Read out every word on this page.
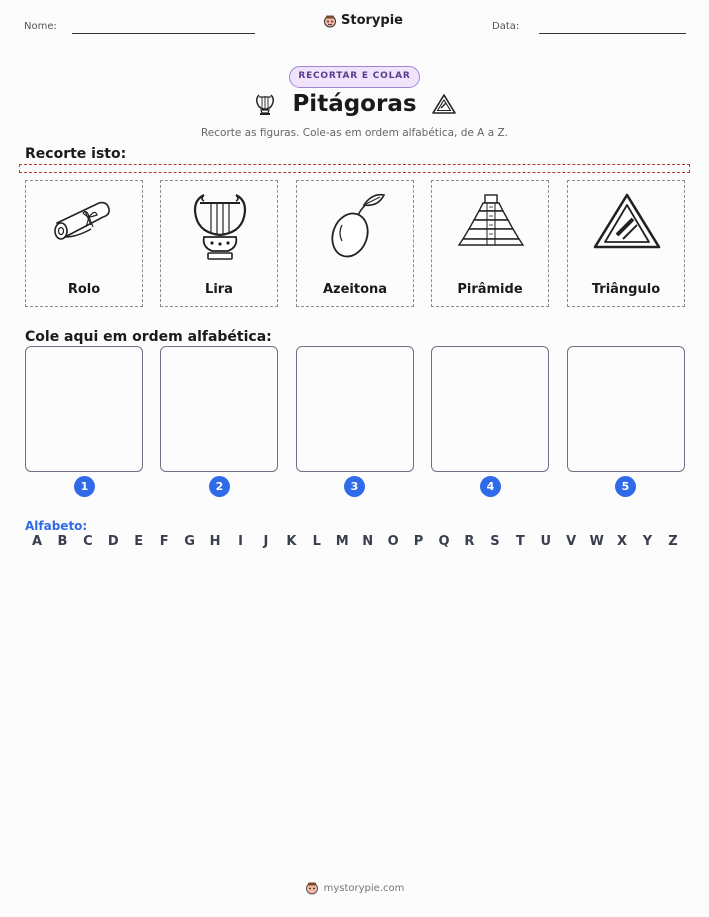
Nome:	Storypie	Data:
RECORTAR E COLAR
Pitágoras
Recorte as figuras. Cole-as em ordem alfabética, de A a Z.
Recorte isto:
Rolo	Lira	Azeitona	Pirâmide	Triângulo
Cole aqui em ordem alfabética:
1	2	3	4	5
Alfabeto:
A	B	C	D	E	F	G	H	I	J	K	L	M	N	O	P	Q	R	S	T	U	V	W	X	Y	Z
mystorypie.com
